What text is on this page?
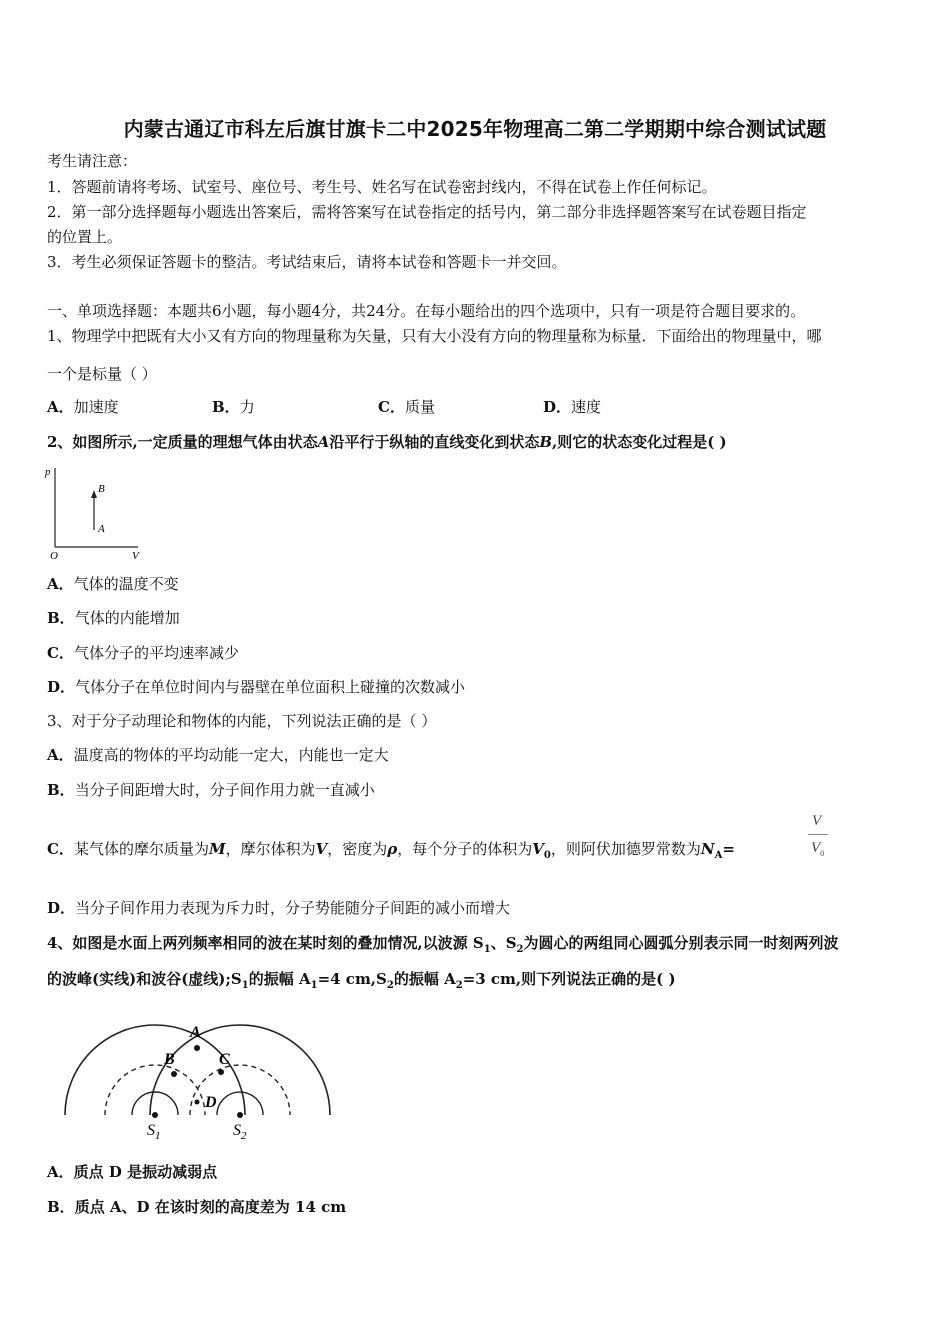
内蒙古通辽市科左后旗甘旗卡二中2025年物理高二第二学期期中综合测试试题
考生请注意：
1．答题前请将考场、试室号、座位号、考生号、姓名写在试卷密封线内，不得在试卷上作任何标记。
2．第一部分选择题每小题选出答案后，需将答案写在试卷指定的括号内，第二部分非选择题答案写在试卷题目指定
的位置上。
3．考生必须保证答题卡的整洁。考试结束后，请将本试卷和答题卡一并交回。
一、单项选择题：本题共6小题，每小题4分，共24分。在每小题给出的四个选项中，只有一项是符合题目要求的。
1、物理学中把既有大小又有方向的物理量称为矢量，只有大小没有方向的物理量称为标量．下面给出的物理量中，哪
一个是标量（ ）
A．加速度	B．力	C．质量	D．速度
2、如图所示,一定质量的理想气体由状态A沿平行于纵轴的直线变化到状态B,则它的状态变化过程是( )
p
V
O
A
B
A．气体的温度不变
B．气体的内能增加
C．气体分子的平均速率减少
D．气体分子在单位时间内与器壁在单位面积上碰撞的次数减小
3、对于分子动理论和物体的内能，下列说法正确的是（ ）
A．温度高的物体的平均动能一定大，内能也一定大
B．当分子间距增大时，分子间作用力就一直减小
C．某气体的摩尔质量为M，摩尔体积为V，密度为ρ，每个分子的体积为$V_0$，则阿伏加德罗常数为$N_A=$
V
$V_0$
D．当分子间作用力表现为斥力时，分子势能随分子间距的减小而增大
4、如图是水面上两列频率相同的波在某时刻的叠加情况,以波源 $S_1$、$S_2$为圆心的两组同心圆弧分别表示同一时刻两列波
的波峰(实线)和波谷(虚线)$;S_1$的振幅 $A_1=4$ $cm,S_2$的振幅 $A_2=3$ cm,则下列说法正确的是( )
A
B	C
D
$S_1$	$S_2$
A．质点 D 是振动减弱点
B．质点 A、D 在该时刻的高度差为 14 cm
